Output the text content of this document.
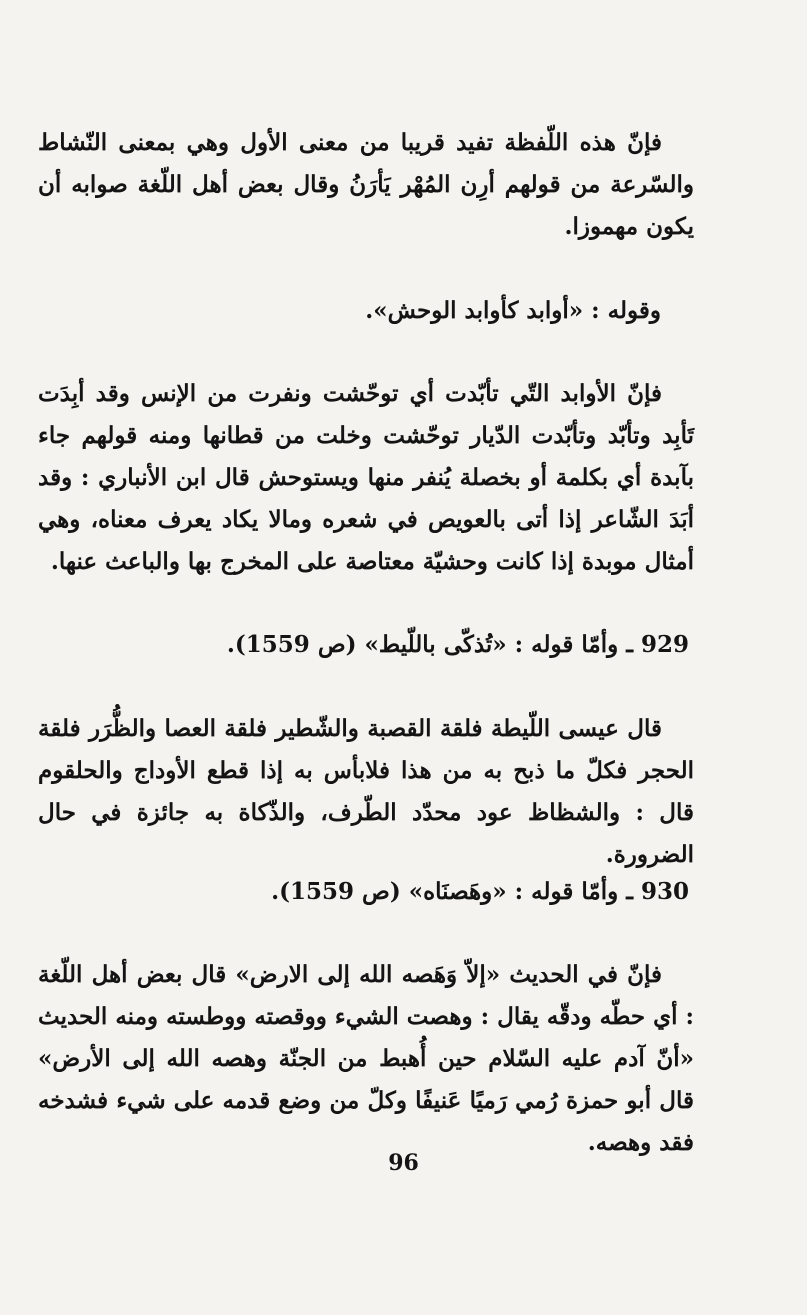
فإنّ هذه اللّفظة تفيد قريبا من معنى الأول وهي بمعنى النّشاط والسّرعة من قولهم أرِن المُهْر يَأرَنُ وقال بعض أهل اللّغة صوابه أن يكون مهموزا.
وقوله : «أوابد كأوابد الوحش».
فإنّ الأوابد التّي تأبّدت أي توحّشت ونفرت من الإنس وقد أبِدَت تَأبِد وتأبّد وتأبّدت الدّيار توحّشت وخلت من قطانها ومنه قولهم جاء بآبدة أي بكلمة أو بخصلة يُنفر منها ويستوحش قال ابن الأنباري : وقد أبَدَ الشّاعر إذا أتى بالعويص في شعره ومالا يكاد يعرف معناه، وهي أمثال موبدة إذا كانت وحشيّة معتاصة على المخرج بها والباعث عنها.
929 ـ وأمّا قوله : «تُذكّى باللّيط» (ص 1559).
قال عيسى اللّيطة فلقة القصبة والشّطير فلقة العصا والظُّرَر فلقة الحجر فكلّ ما ذبح به من هذا فلابأس به إذا قطع الأوداج والحلقوم قال : والشظاظ عود محدّد الطّرف، والذّكاة به جائزة في حال الضرورة.
930 ـ وأمّا قوله : «وهَصنَاه» (ص 1559).
فإنّ في الحديث «إلاّ وَهَصه الله إلى الارض» قال بعض أهل اللّغة : أي حطّه ودقّه يقال : وهصت الشيء ووقصته ووطسته ومنه الحديث «أنّ آدم عليه السّلام حين أُهبط من الجنّة وهصه الله إلى الأرض» قال أبو حمزة رُمي رَميًا عَنيفًا وكلّ من وضع قدمه على شيء فشدخه فقد وهصه.
96
